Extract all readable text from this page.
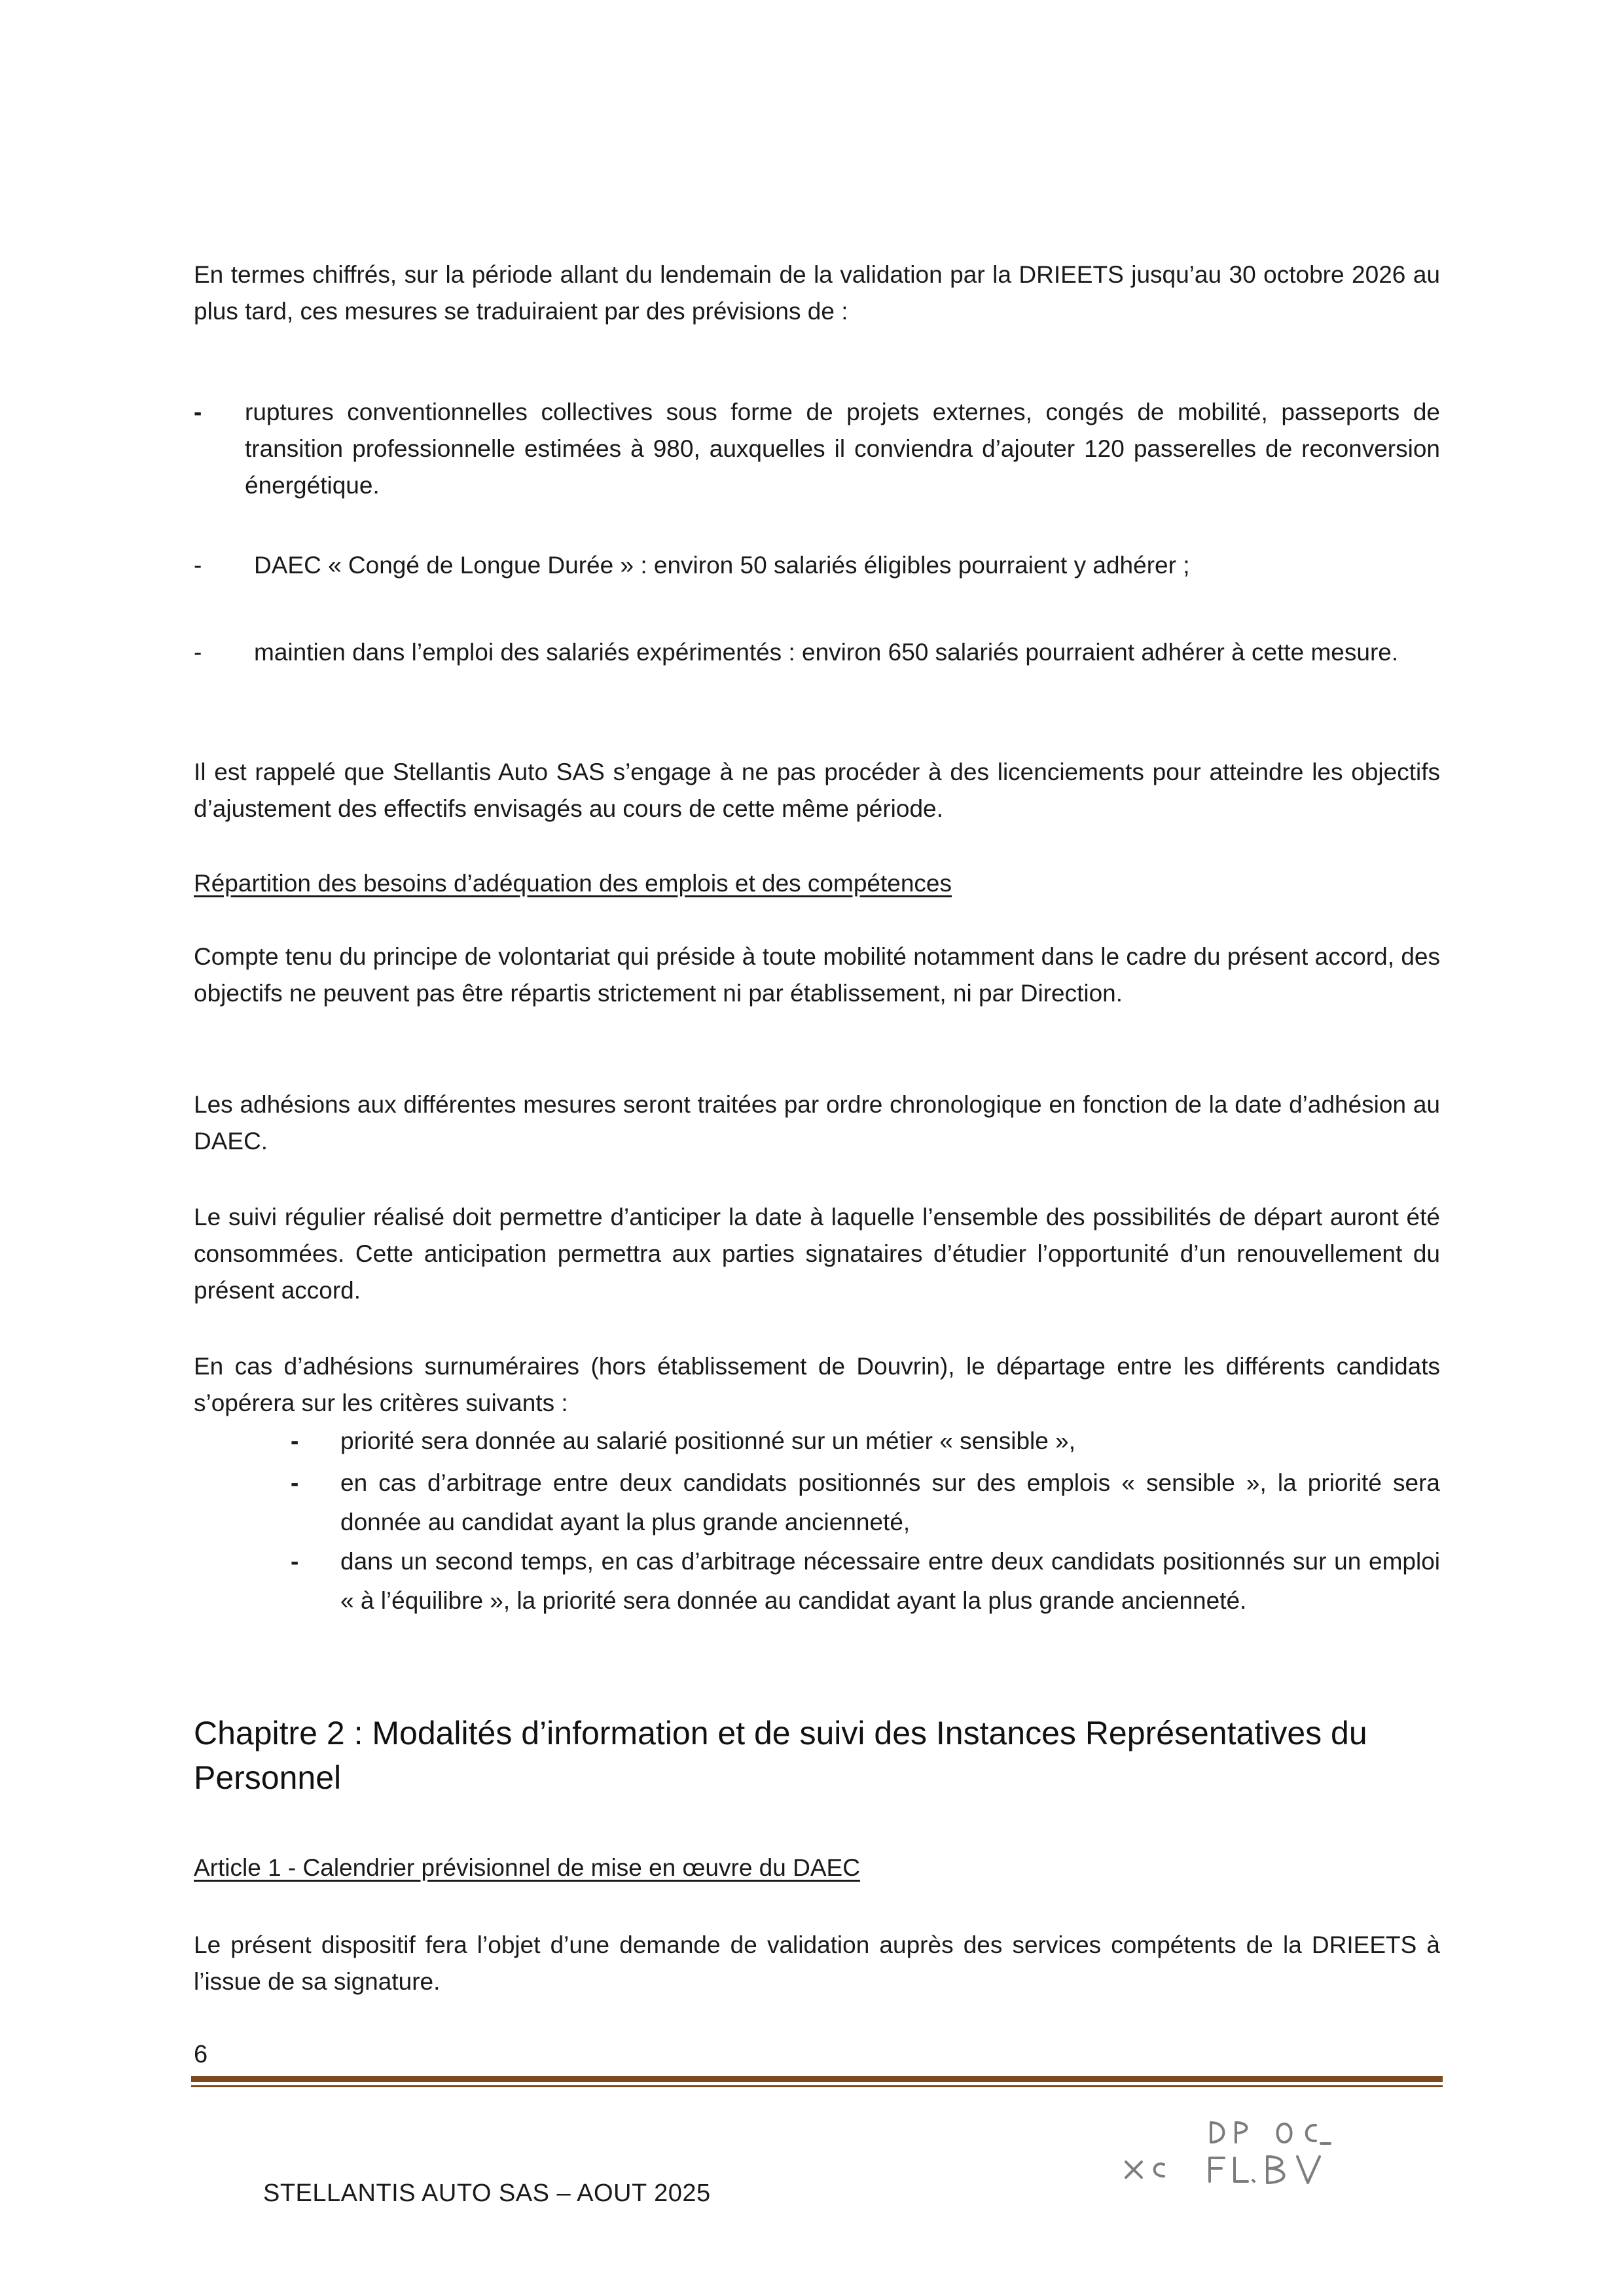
En termes chiffrés, sur la période allant du lendemain de la validation par la DRIEETS jusqu’au 30 octobre 2026 au plus tard, ces mesures se traduiraient par des prévisions de :
- ruptures conventionnelles collectives sous forme de projets externes, congés de mobilité, passeports de transition professionnelle estimées à 980, auxquelles il conviendra d’ajouter 120 passerelles de reconversion énergétique.
- DAEC « Congé de Longue Durée » : environ 50 salariés éligibles pourraient y adhérer ;
- maintien dans l’emploi des salariés expérimentés : environ 650 salariés pourraient adhérer à cette mesure.
Il est rappelé que Stellantis Auto SAS s’engage à ne pas procéder à des licenciements pour atteindre les objectifs d’ajustement des effectifs envisagés au cours de cette même période.
Répartition des besoins d’adéquation des emplois et des compétences
Compte tenu du principe de volontariat qui préside à toute mobilité notamment dans le cadre du présent accord, des objectifs ne peuvent pas être répartis strictement ni par établissement, ni par Direction.
Les adhésions aux différentes mesures seront traitées par ordre chronologique en fonction de la date d’adhésion au DAEC.
Le suivi régulier réalisé doit permettre d’anticiper la date à laquelle l’ensemble des possibilités de départ auront été consommées. Cette anticipation permettra aux parties signataires d’étudier l’opportunité d’un renouvellement du présent accord.
En cas d’adhésions surnuméraires (hors établissement de Douvrin), le départage entre les différents candidats s’opérera sur les critères suivants :
- priorité sera donnée au salarié positionné sur un métier « sensible »,
- en cas d’arbitrage entre deux candidats positionnés sur des emplois « sensible », la priorité sera donnée au candidat ayant la plus grande ancienneté,
- dans un second temps, en cas d’arbitrage nécessaire entre deux candidats positionnés sur un emploi « à l’équilibre », la priorité sera donnée au candidat ayant la plus grande ancienneté.
Chapitre 2 : Modalités d’information et de suivi des Instances Représentatives du Personnel
Article 1 - Calendrier prévisionnel de mise en œuvre du DAEC
Le présent dispositif fera l’objet d’une demande de validation auprès des services compétents de la DRIEETS à l’issue de sa signature.
6
STELLANTIS AUTO SAS – AOUT 2025
